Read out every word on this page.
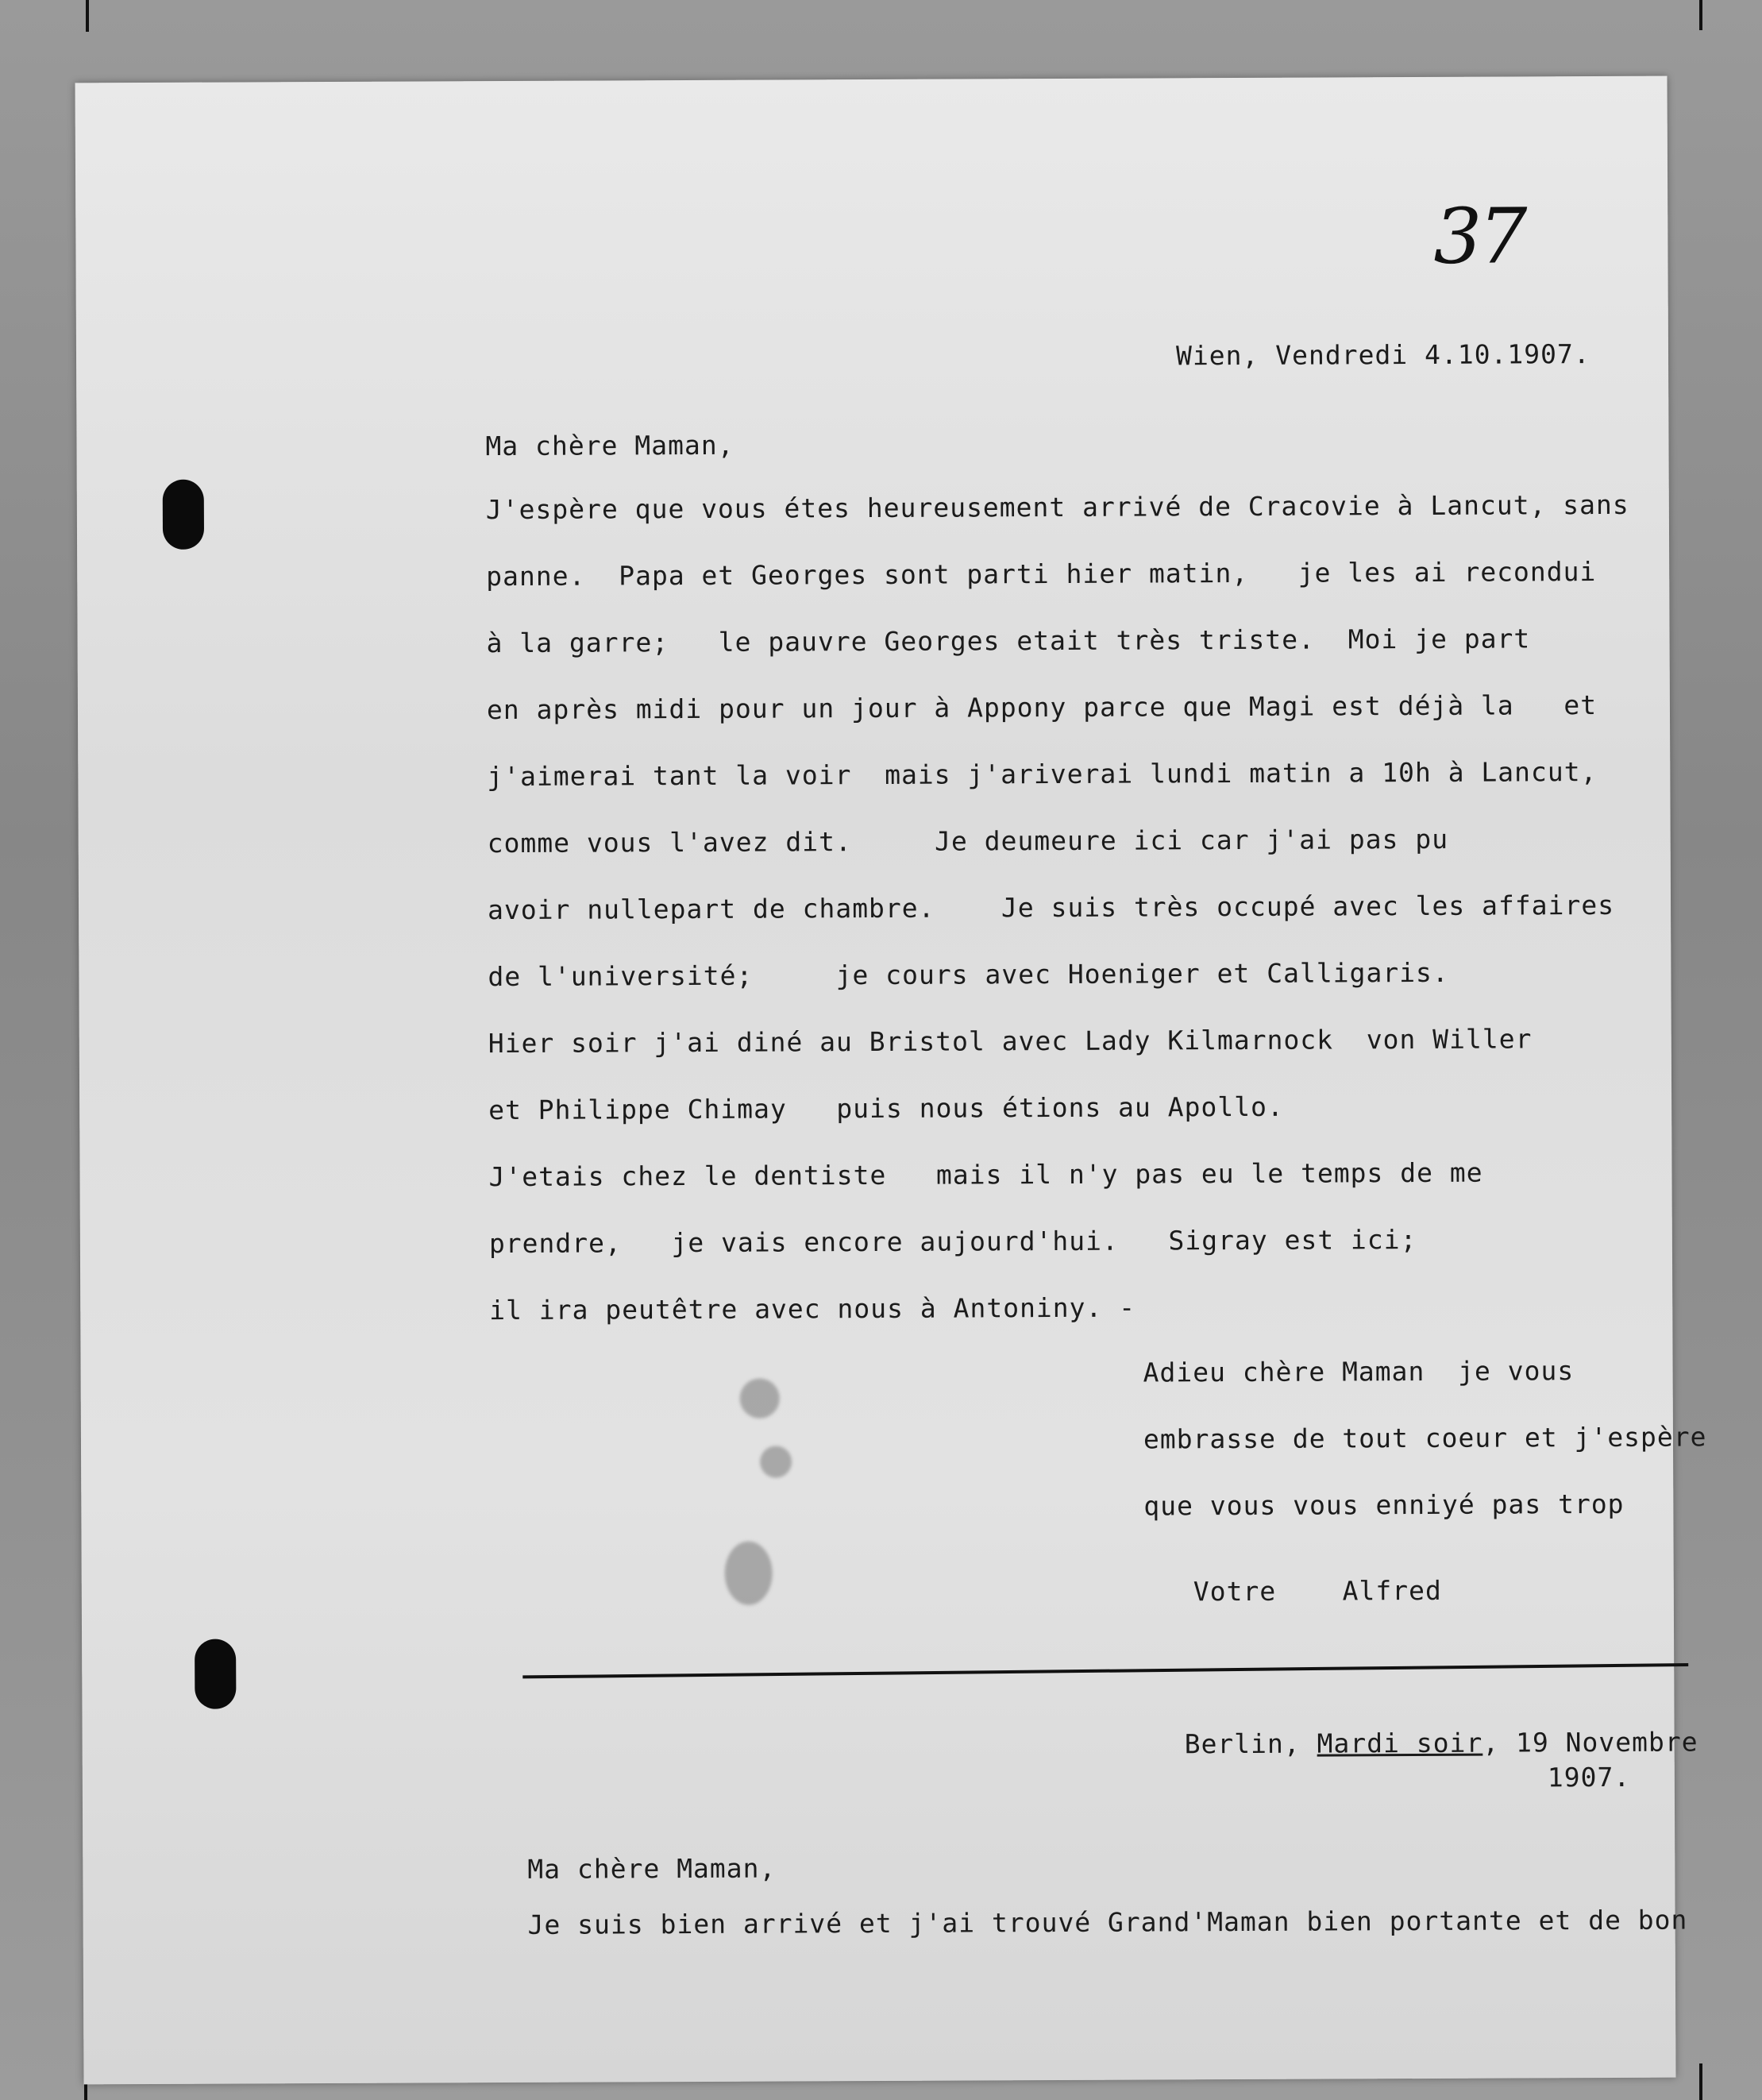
37
Wien, Vendredi 4.10.1907.
Ma chère Maman,
J'espère que vous étes heureusement arrivé de Cracovie à Lancut, sans
panne.  Papa et Georges sont parti hier matin,   je les ai recondui
à la garre;   le pauvre Georges etait très triste.  Moi je part
en après midi pour un jour à Appony parce que Magi est déjà la   et
j'aimerai tant la voir  mais j'ariverai lundi matin a 10h à Lancut,
comme vous l'avez dit.     Je deumeure ici car j'ai pas pu
avoir nullepart de chambre.    Je suis très occupé avec les affaires
de l'université;     je cours avec Hoeniger et Calligaris.
Hier soir j'ai diné au Bristol avec Lady Kilmarnock  von Willer
et Philippe Chimay   puis nous étions au Apollo.
J'etais chez le dentiste   mais il n'y pas eu le temps de me
prendre,   je vais encore aujourd'hui.   Sigray est ici;
il ira peutêtre avec nous à Antoniny. -
Adieu chère Maman  je vous
embrasse de tout coeur et j'espère
que vous vous enniyé pas trop
Votre    Alfred
Berlin, Mardi soir, 19 Novembre
1907.
Ma chère Maman,
Je suis bien arrivé et j'ai trouvé Grand'Maman bien portante et de bon
